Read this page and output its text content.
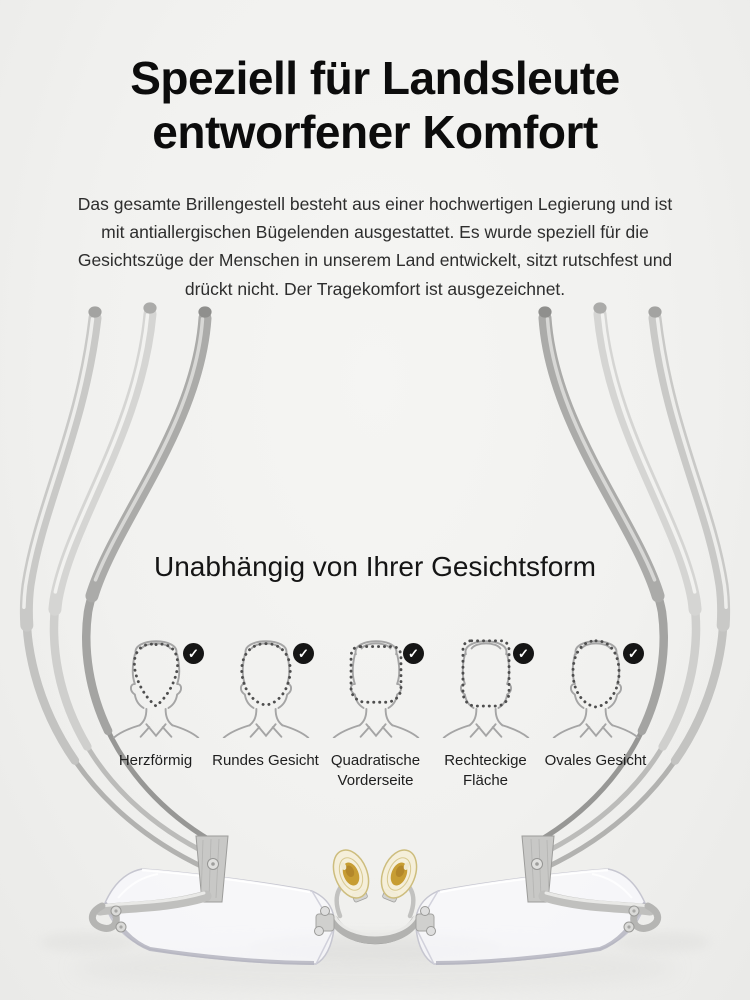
Speziell für Landsleute
entworfener Komfort

Das gesamte Brillengestell besteht aus einer hochwertigen Legierung und ist mit antiallergischen Bügelenden ausgestattet. Es wurde speziell für die Gesichtszüge der Menschen in unserem Land entwickelt, sitzt rutschfest und drückt nicht. Der Tragekomfort ist ausgezeichnet.

Unabhängig von Ihrer Gesichtsform
✓
Herzförmig
✓
Rundes Gesicht
✓
Quadratische Vorderseite
✓
Rechteckige Fläche
✓
Ovales Gesicht
